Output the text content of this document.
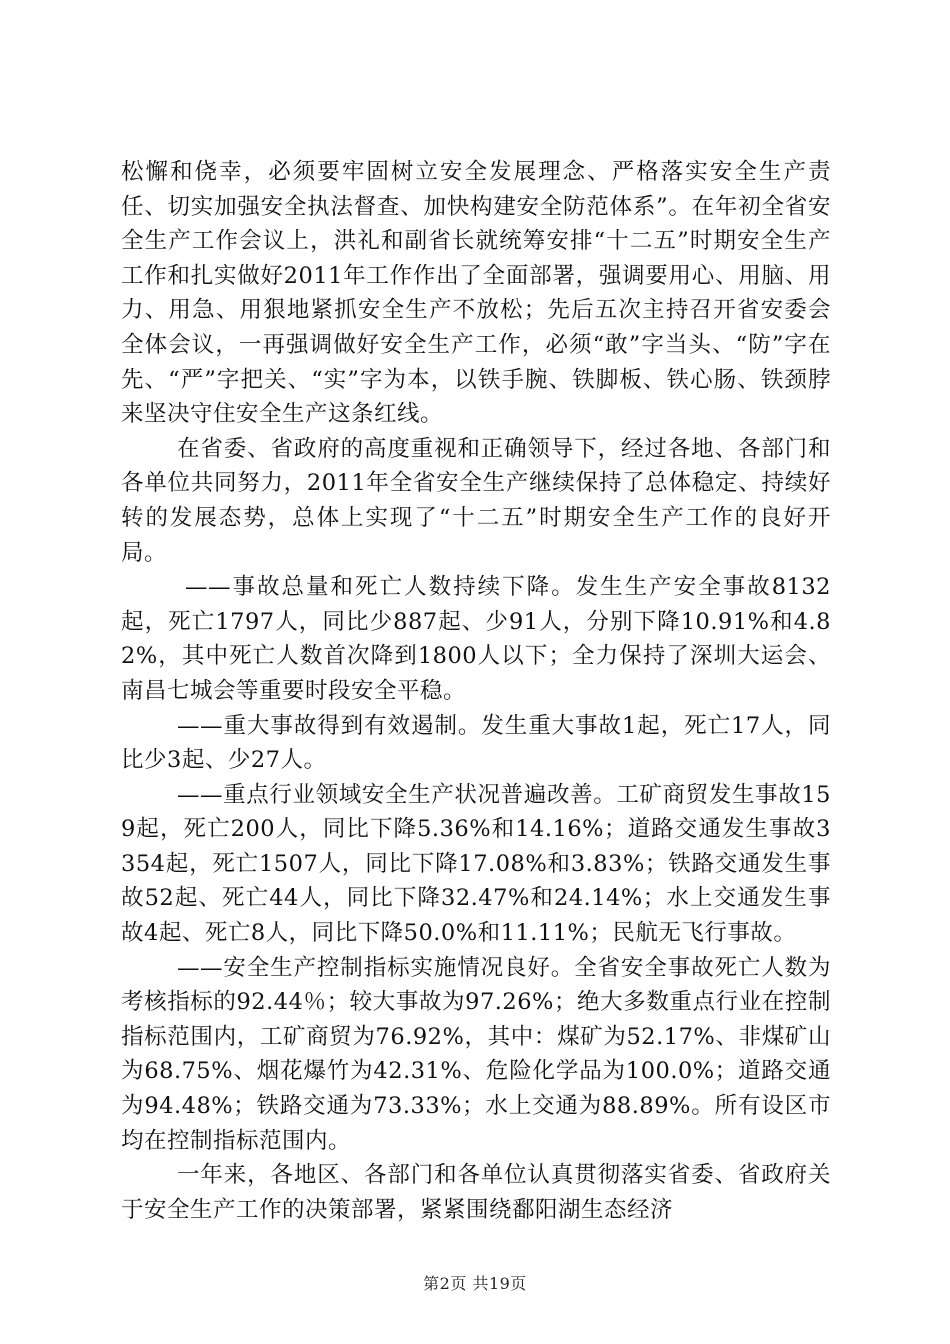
松懈和侥幸，必须要牢固树立安全发展理念、严格落实安全生产责任、切实加强安全执法督查、加快构建安全防范体系”。在年初全省安全生产工作会议上，洪礼和副省长就统筹安排“十二五”时期安全生产工作和扎实做好2011年工作作出了全面部署，强调要用心、用脑、用力、用急、用狠地紧抓安全生产不放松；先后五次主持召开省安委会全体会议，一再强调做好安全生产工作，必须“敢”字当头、“防”字在先、“严”字把关、“实”字为本，以铁手腕、铁脚板、铁心肠、铁颈脖来坚决守住安全生产这条红线。

在省委、省政府的高度重视和正确领导下，经过各地、各部门和各单位共同努力，2011年全省安全生产继续保持了总体稳定、持续好转的发展态势，总体上实现了“十二五”时期安全生产工作的良好开局。

——事故总量和死亡人数持续下降。发生生产安全事故8132起，死亡1797人，同比少887起、少91人，分别下降10.91%和4.82%，其中死亡人数首次降到1800人以下；全力保持了深圳大运会、南昌七城会等重要时段安全平稳。

——重大事故得到有效遏制。发生重大事故1起，死亡17人，同比少3起、少27人。

——重点行业领域安全生产状况普遍改善。工矿商贸发生事故159起，死亡200人，同比下降5.36%和14.16%；道路交通发生事故3354起，死亡1507人，同比下降17.08%和3.83%；铁路交通发生事故52起、死亡44人，同比下降32.47%和24.14%；水上交通发生事故4起、死亡8人，同比下降50.0%和11.11%；民航无飞行事故。

——安全生产控制指标实施情况良好。全省安全事故死亡人数为考核指标的92.44％；较大事故为97.26%；绝大多数重点行业在控制指标范围内，工矿商贸为76.92%，其中：煤矿为52.17%、非煤矿山为68.75%、烟花爆竹为42.31%、危险化学品为100.0%；道路交通为94.48%；铁路交通为73.33%；水上交通为88.89%。所有设区市均在控制指标范围内。

一年来，各地区、各部门和各单位认真贯彻落实省委、省政府关于安全生产工作的决策部署，紧紧围绕鄱阳湖生态经济

第2页 共19页
